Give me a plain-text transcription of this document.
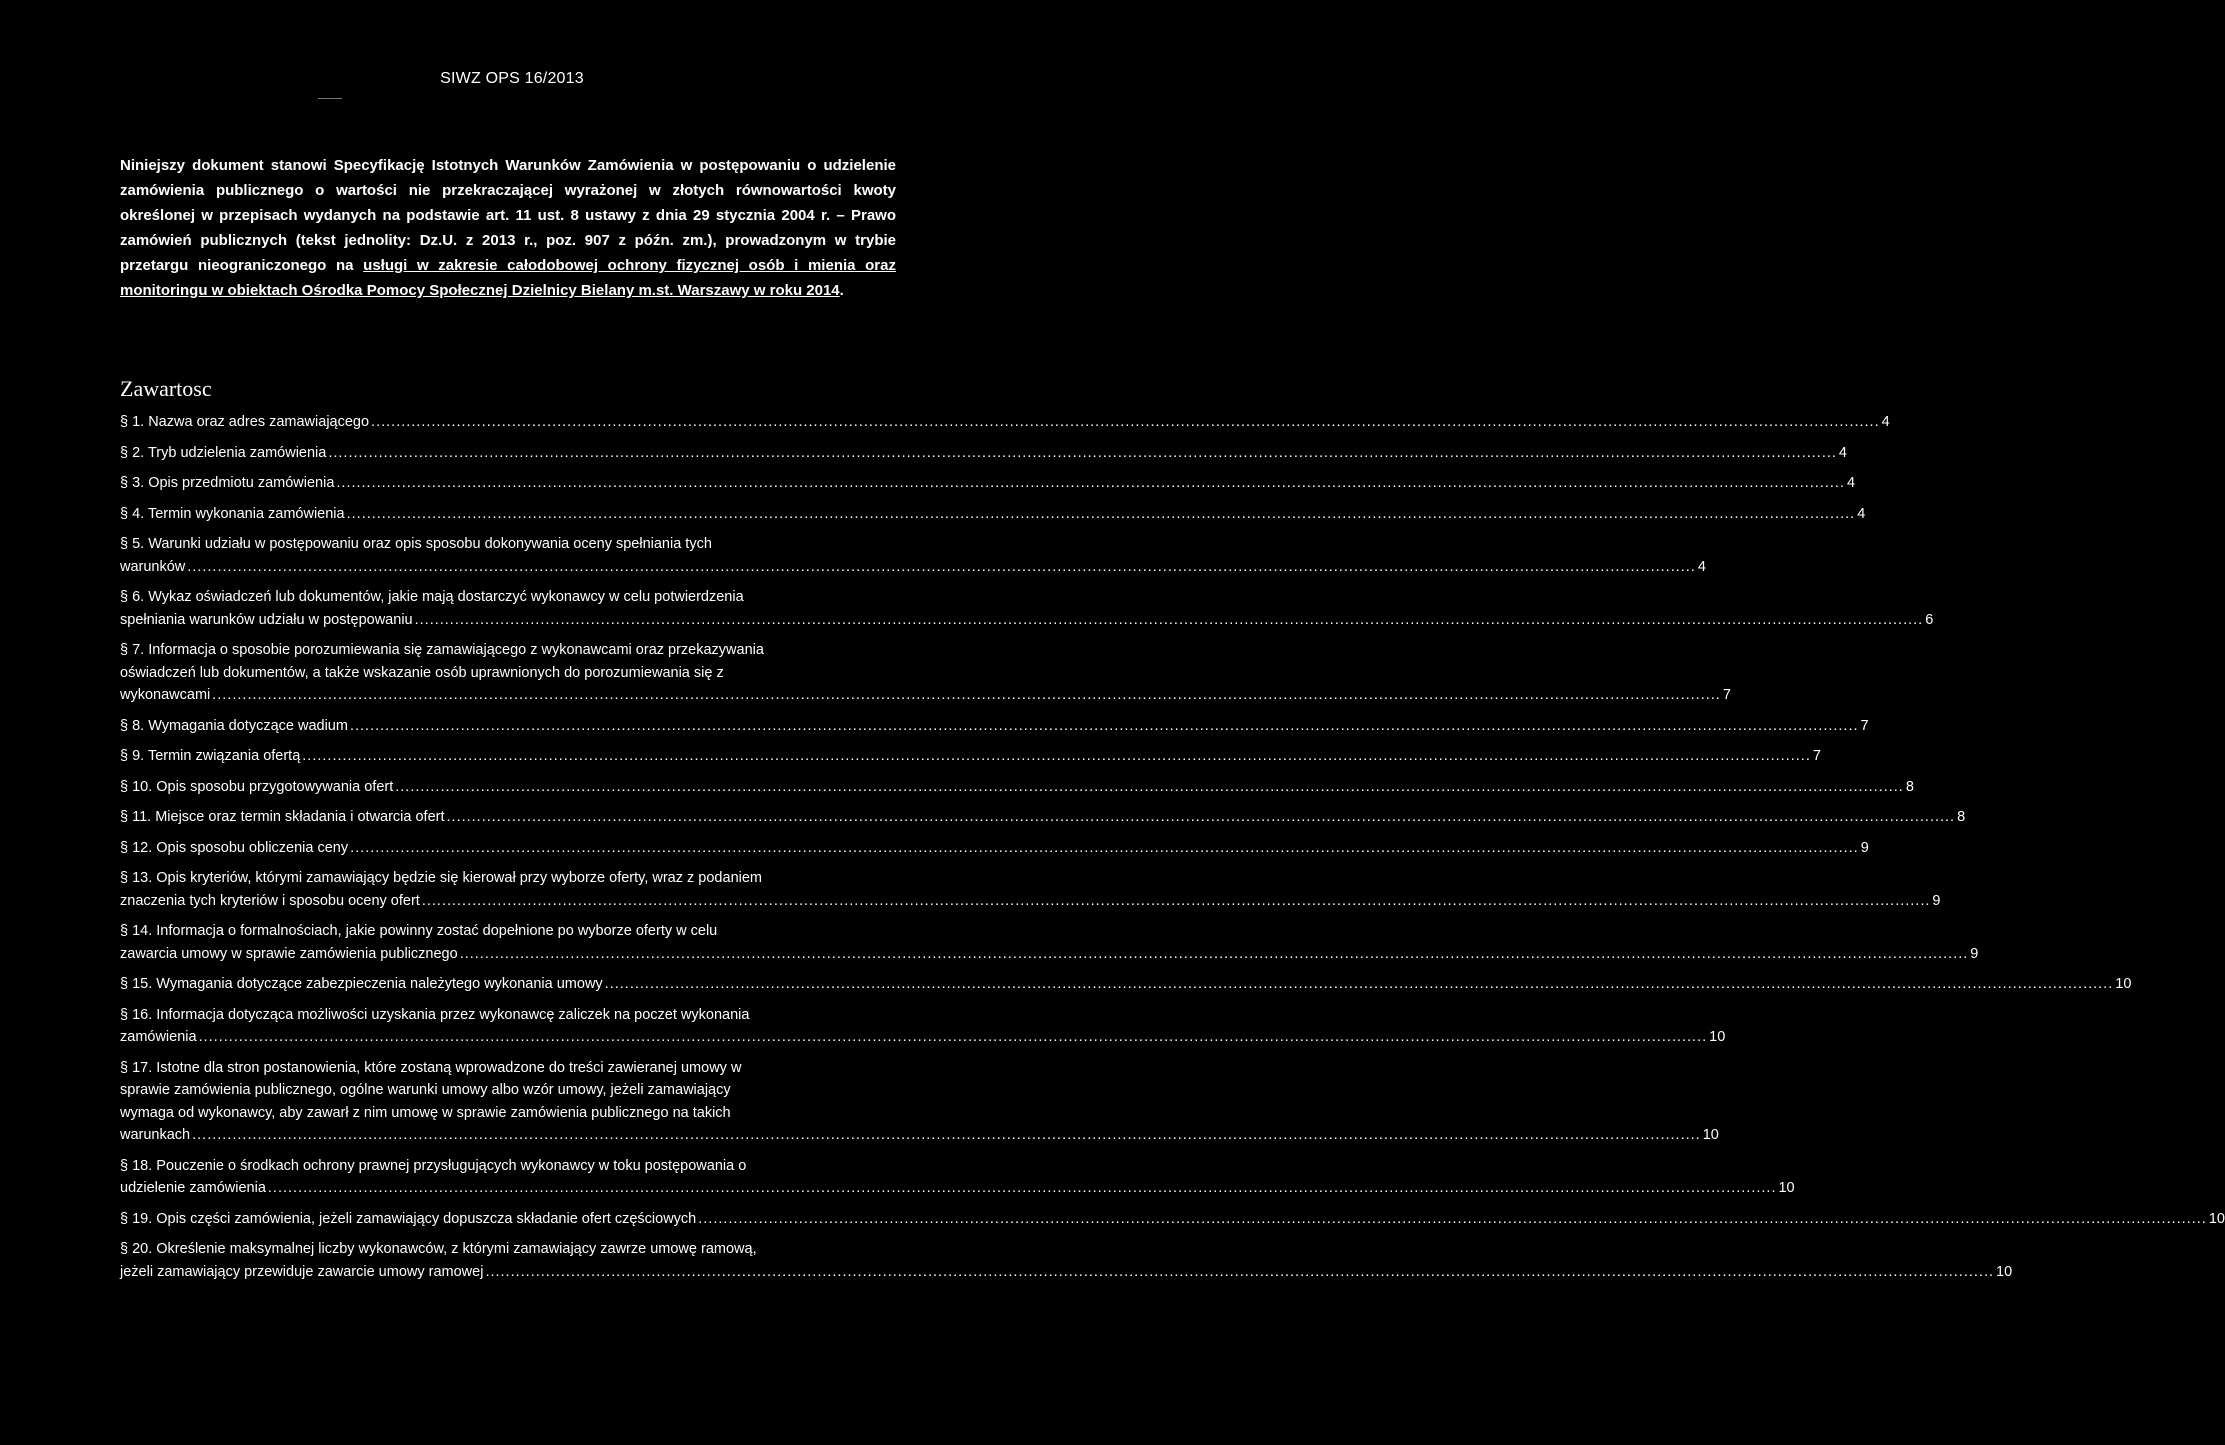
SIWZ OPS 16/2013
Niniejszy dokument stanowi Specyfikację Istotnych Warunków Zamówienia w postępowaniu o udzielenie zamówienia publicznego o wartości nie przekraczającej wyrażonej w złotych równowartości kwoty określonej w przepisach wydanych na podstawie art. 11 ust. 8 ustawy z dnia 29 stycznia 2004 r. – Prawo zamówień publicznych (tekst jednolity: Dz.U. z 2013 r., poz. 907 z późn. zm.), prowadzonym w trybie przetargu nieograniczonego na usługi w zakresie całodobowej ochrony fizycznej osób i mienia oraz monitoringu w obiektach Ośrodka Pomocy Społecznej Dzielnicy Bielany m.st. Warszawy w roku 2014.
Zawartosc
§ 1. Nazwa oraz adres zamawiającego ............................................................................................................................................................................................................................................................................................................ 4
§ 2. Tryb udzielenia zamówienia ............................................................................................................................................................................................................................................................................................................ 4
§ 3. Opis przedmiotu zamówienia ............................................................................................................................................................................................................................................................................................................ 4
§ 4. Termin wykonania zamówienia ............................................................................................................................................................................................................................................................................................................ 4
§ 5. Warunki udziału w postępowaniu oraz opis sposobu dokonywania oceny spełniania tych
warunków ............................................................................................................................................................................................................................................................................................................ 4
§ 6. Wykaz oświadczeń lub dokumentów, jakie mają dostarczyć wykonawcy w celu potwierdzenia
spełniania warunków udziału w postępowaniu ............................................................................................................................................................................................................................................................................................................ 6
§ 7. Informacja o sposobie porozumiewania się zamawiającego z wykonawcami oraz przekazywania
oświadczeń lub dokumentów, a także wskazanie osób uprawnionych do porozumiewania się z
wykonawcami ............................................................................................................................................................................................................................................................................................................ 7
§ 8. Wymagania dotyczące wadium ............................................................................................................................................................................................................................................................................................................ 7
§ 9. Termin związania ofertą ............................................................................................................................................................................................................................................................................................................ 7
§ 10. Opis sposobu przygotowywania ofert ............................................................................................................................................................................................................................................................................................................ 8
§ 11. Miejsce oraz termin składania i otwarcia ofert ............................................................................................................................................................................................................................................................................................................ 8
§ 12. Opis sposobu obliczenia ceny ............................................................................................................................................................................................................................................................................................................ 9
§ 13. Opis kryteriów, którymi zamawiający będzie się kierował przy wyborze oferty, wraz z podaniem
znaczenia tych kryteriów i sposobu oceny ofert ............................................................................................................................................................................................................................................................................................................ 9
§ 14. Informacja o formalnościach, jakie powinny zostać dopełnione po wyborze oferty w celu
zawarcia umowy w sprawie zamówienia publicznego ............................................................................................................................................................................................................................................................................................................ 9
§ 15. Wymagania dotyczące zabezpieczenia należytego wykonania umowy ............................................................................................................................................................................................................................................................................................................ 10
§ 16. Informacja dotycząca możliwości uzyskania przez wykonawcę zaliczek na poczet wykonania
zamówienia ............................................................................................................................................................................................................................................................................................................ 10
§ 17. Istotne dla stron postanowienia, które zostaną wprowadzone do treści zawieranej umowy w
sprawie zamówienia publicznego, ogólne warunki umowy albo wzór umowy, jeżeli zamawiający
wymaga od wykonawcy, aby zawarł z nim umowę w sprawie zamówienia publicznego na takich
warunkach ............................................................................................................................................................................................................................................................................................................ 10
§ 18. Pouczenie o środkach ochrony prawnej przysługujących wykonawcy w toku postępowania o
udzielenie zamówienia ............................................................................................................................................................................................................................................................................................................ 10
§ 19. Opis części zamówienia, jeżeli zamawiający dopuszcza składanie ofert częściowych ............................................................................................................................................................................................................................................................................................................ 10
§ 20. Określenie maksymalnej liczby wykonawców, z którymi zamawiający zawrze umowę ramową,
jeżeli zamawiający przewiduje zawarcie umowy ramowej ............................................................................................................................................................................................................................................................................................................ 10
